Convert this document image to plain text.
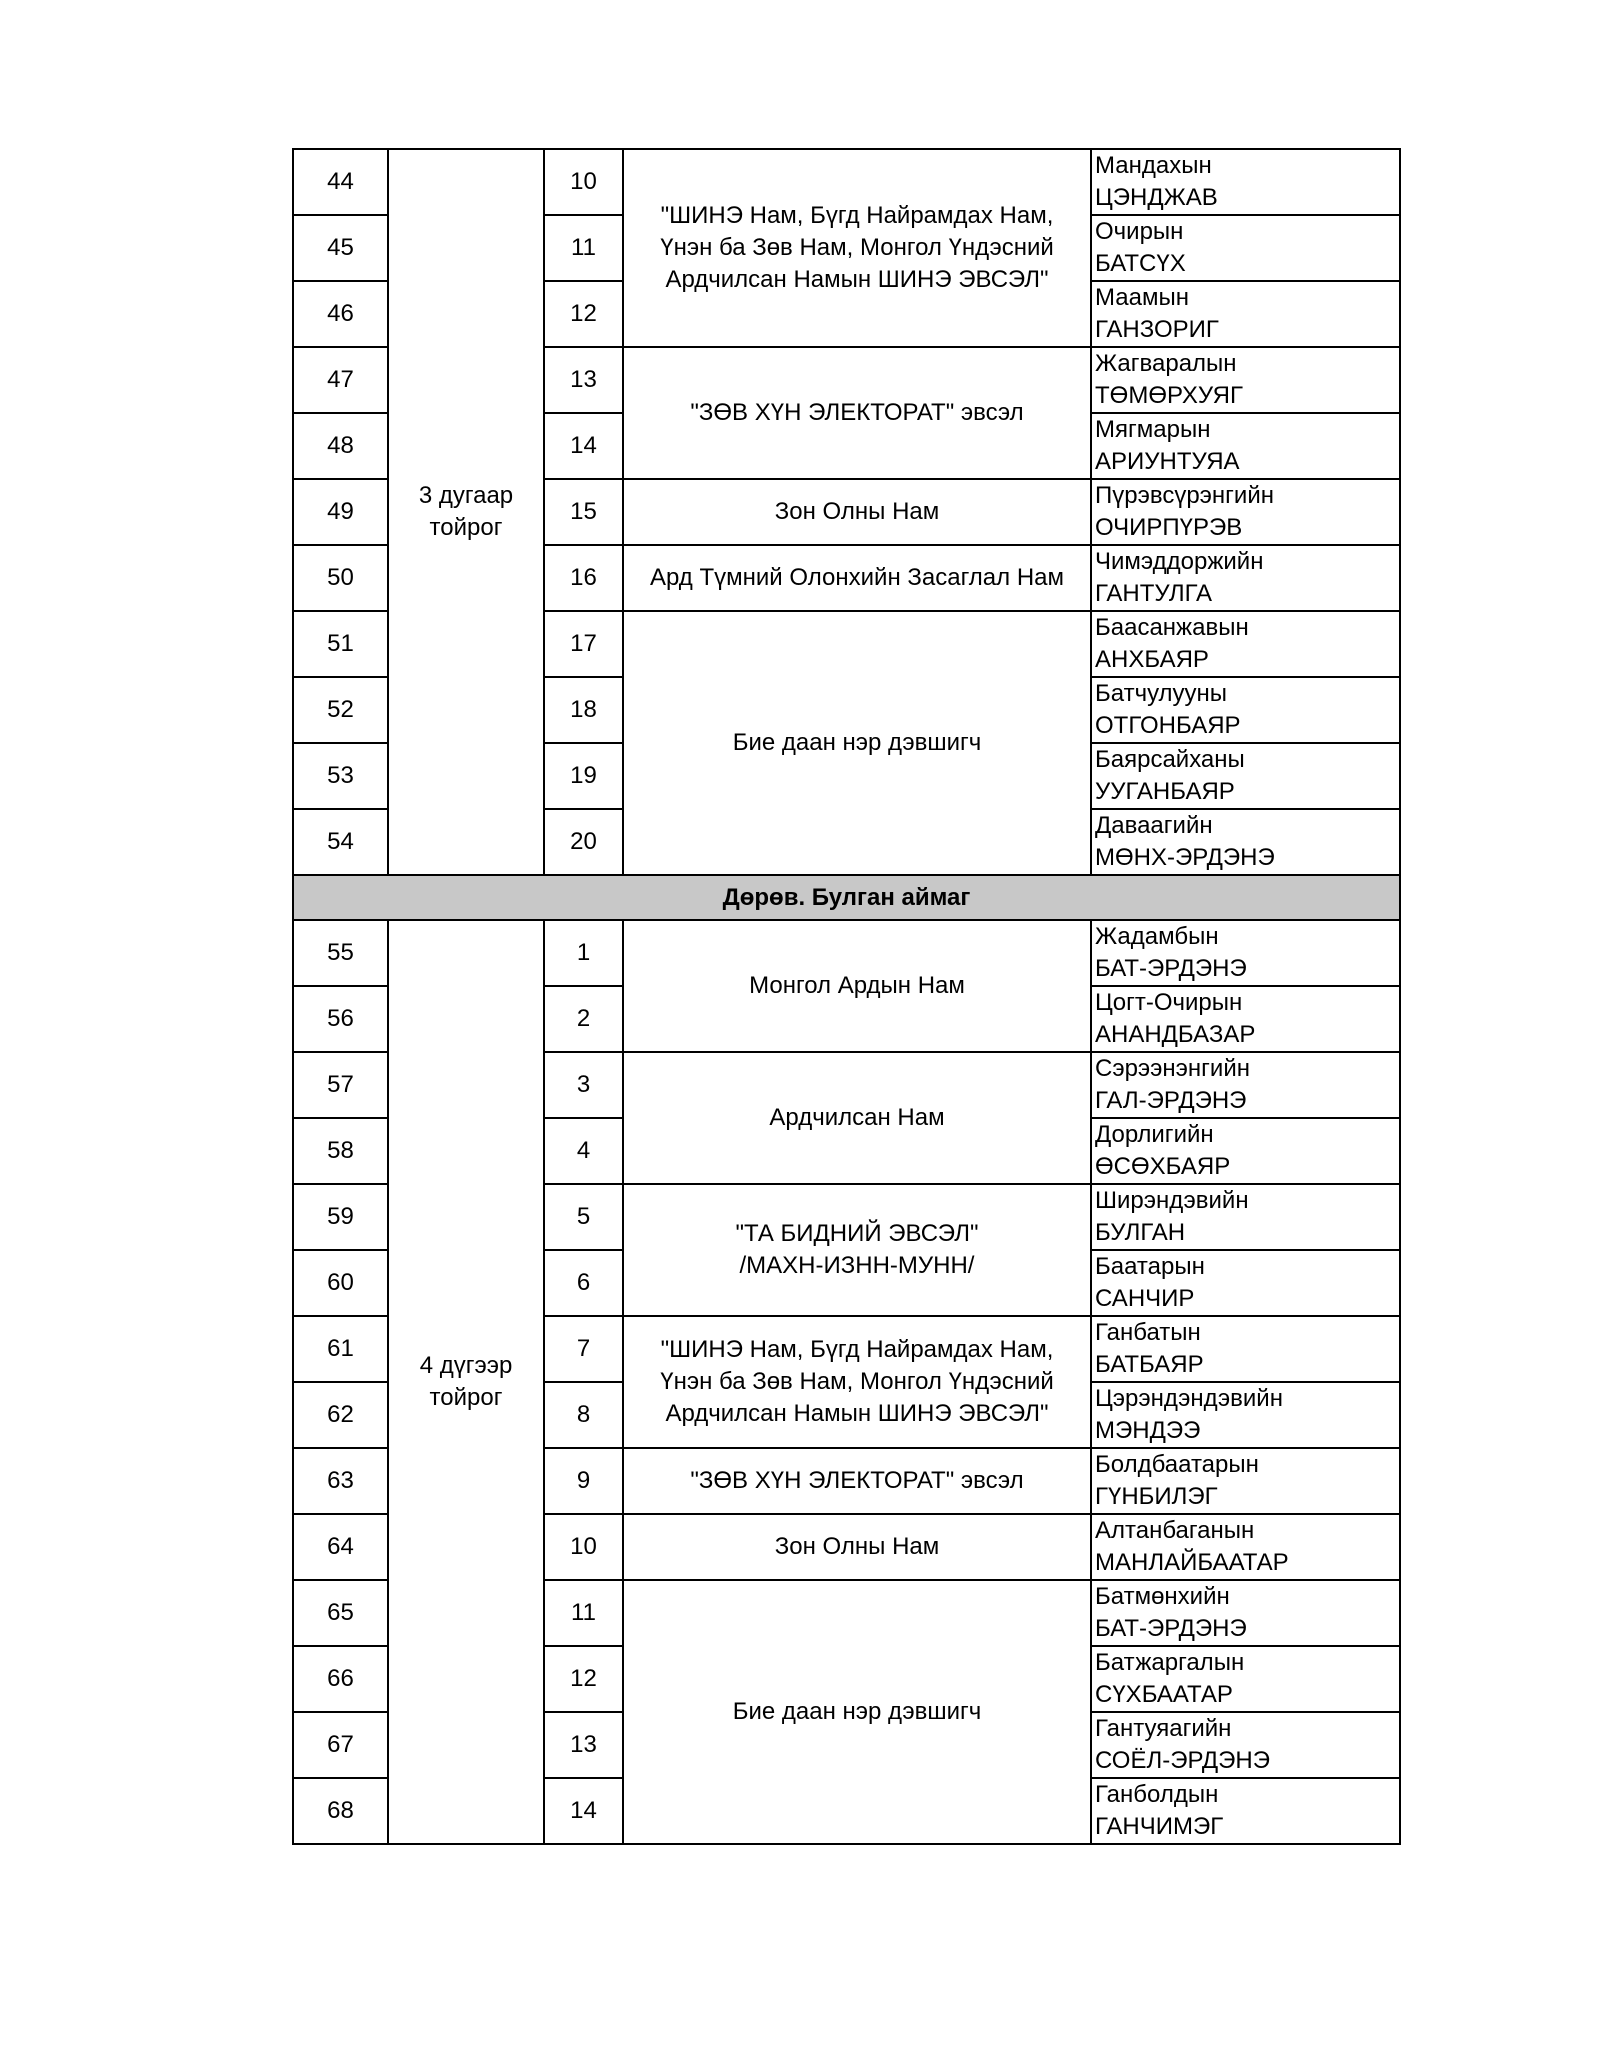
44	3 дугаар
тойрог	10	"ШИНЭ Нам, Бүгд Найрамдах Нам,
Үнэн ба Зөв Нам, Монгол Үндэсний
Ардчилсан Намын ШИНЭ ЭВСЭЛ"	Мандахын
ЦЭНДЖАВ

45		11		Очирын
БАТСҮХ

46		12		Маамын
ГАНЗОРИГ

47		13	"ЗӨВ ХҮН ЭЛЕКТОРАТ" эвсэл	Жагваралын
ТӨМӨРХУЯГ

48		14		Мягмарын
АРИУНТУЯА

49		15	Зон Олны Нам	Пүрэвсүрэнгийн
ОЧИРПҮРЭВ

50		16	Ард Түмний Олонхийн Засаглал Нам	Чимэддоржийн
ГАНТУЛГА

51		17	Бие даан нэр дэвшигч	Баасанжавын
АНХБАЯР

52		18		Батчулууны
ОТГОНБАЯР

53		19		Баярсайханы
УУГАНБАЯР

54		20		Даваагийн
МӨНХ-ЭРДЭНЭ

Дөрөв. Булган аймаг				
55	4 дүгээр
тойрог	1	Монгол Ардын Нам	Жадамбын
БАТ-ЭРДЭНЭ

56		2		Цогт-Очирын
АНАНДБАЗАР

57		3	Ардчилсан Нам	Сэрээнэнгийн
ГАЛ-ЭРДЭНЭ

58		4		Дорлигийн
ӨСӨХБАЯР

59		5	"ТА БИДНИЙ ЭВСЭЛ"
/МАХН-ИЗНН-МУНН/	Ширэндэвийн
БУЛГАН

60		6		Баатарын
САНЧИР

61		7	"ШИНЭ Нам, Бүгд Найрамдах Нам,
Үнэн ба Зөв Нам, Монгол Үндэсний
Ардчилсан Намын ШИНЭ ЭВСЭЛ"	Ганбатын
БАТБАЯР

62		8		Цэрэндэндэвийн
МЭНДЭЭ

63		9	"ЗӨВ ХҮН ЭЛЕКТОРАТ" эвсэл	Болдбаатарын
ГҮНБИЛЭГ

64		10	Зон Олны Нам	Алтанбаганын
МАНЛАЙБААТАР

65		11	Бие даан нэр дэвшигч	Батмөнхийн
БАТ-ЭРДЭНЭ

66		12		Батжаргалын
СҮХБААТАР

67		13		Гантуяагийн
СОЁЛ-ЭРДЭНЭ

68		14		Ганболдын
ГАНЧИМЭГ
